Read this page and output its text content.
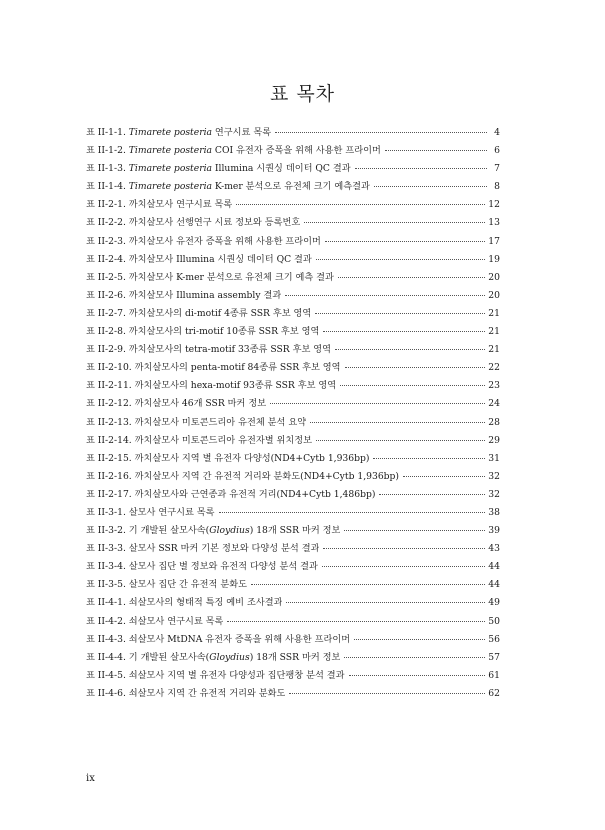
표 목차
표 II-1-1. Timarete posteria 연구시료 목록	4
표 II-1-2. Timarete posteria COI 유전자 증폭을 위해 사용한 프라이머	6
표 II-1-3. Timarete posteria Illumina 시퀀싱 데이터 QC 결과	7
표 II-1-4. Timarete posteria K-mer 분석으로 유전체 크기 예측결과	8
표 II-2-1. 까치살모사 연구시료 목록	12
표 II-2-2. 까치살모사 선행연구 시료 정보와 등록번호	13
표 II-2-3. 까치살모사 유전자 증폭을 위해 사용한 프라이머	17
표 II-2-4. 까치살모사 Illumina 시퀀싱 데이터 QC 결과	19
표 II-2-5. 까치살모사 K-mer 분석으로 유전체 크기 예측 결과	20
표 II-2-6. 까치살모사 Illumina assembly 결과	20
표 II-2-7. 까치살모사의 di-motif 4종류 SSR 후보 영역	21
표 II-2-8. 까치살모사의 tri-motif 10종류 SSR 후보 영역	21
표 II-2-9. 까치살모사의 tetra-motif 33종류 SSR 후보 영역	21
표 II-2-10. 까치살모사의 penta-motif 84종류 SSR 후보 영역	22
표 II-2-11. 까치살모사의 hexa-motif 93종류 SSR 후보 영역	23
표 II-2-12. 까치살모사 46개 SSR 마커 정보	24
표 II-2-13. 까치살모사 미토콘드리아 유전체 분석 요약	28
표 II-2-14. 까치살모사 미토콘드리아 유전자별 위치정보	29
표 II-2-15. 까치살모사 지역 별 유전자 다양성(ND4+Cytb 1,936bp)	31
표 II-2-16. 까치살모사 지역 간 유전적 거리와 분화도(ND4+Cytb 1,936bp)	32
표 II-2-17. 까치살모사와 근연종과 유전적 거리(ND4+Cytb 1,486bp)	32
표 II-3-1. 살모사 연구시료 목록	38
표 II-3-2. 기 개발된 살모사속(Gloydius) 18개 SSR 마커 정보	39
표 II-3-3. 살모사 SSR 마커 기본 정보와 다양성 분석 결과	43
표 II-3-4. 살모사 집단 별 정보와 유전적 다양성 분석 결과	44
표 II-3-5. 살모사 집단 간 유전적 분화도	44
표 II-4-1. 쇠살모사의 형태적 특징 예비 조사결과	49
표 II-4-2. 쇠살모사 연구시료 목록	50
표 II-4-3. 쇠살모사 MtDNA 유전자 증폭을 위해 사용한 프라이머	56
표 II-4-4. 기 개발된 살모사속(Gloydius) 18개 SSR 마커 정보	57
표 II-4-5. 쇠살모사 지역 별 유전자 다양성과 집단팽창 분석 결과	61
표 II-4-6. 쇠살모사 지역 간 유전적 거리와 분화도	62
ix
